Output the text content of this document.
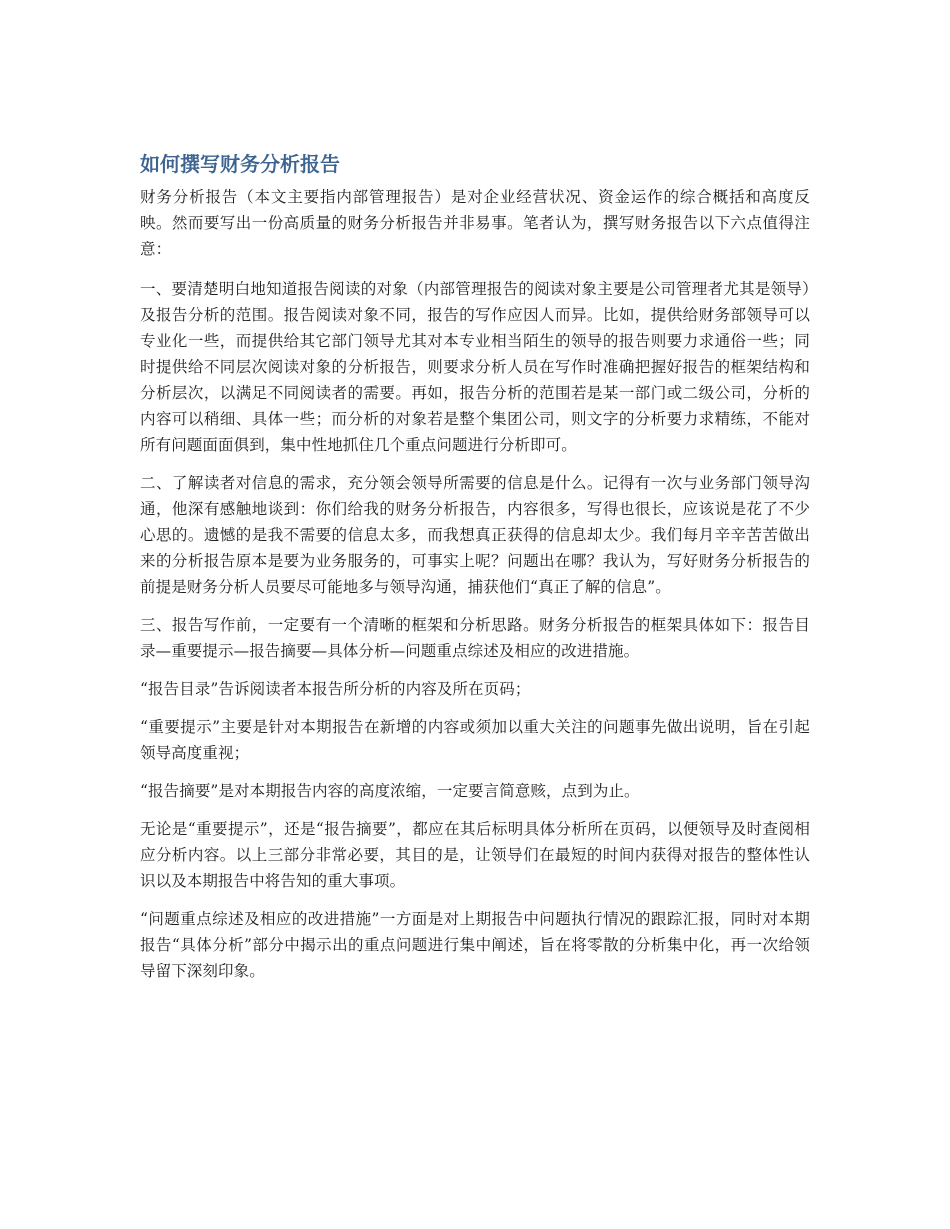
如何撰写财务分析报告

财务分析报告（本文主要指内部管理报告）是对企业经营状况、资金运作的综合概括和高度反映。然而要写出一份高质量的财务分析报告并非易事。笔者认为，撰写财务报告以下六点值得注意：

一、要清楚明白地知道报告阅读的对象（内部管理报告的阅读对象主要是公司管理者尤其是领导）及报告分析的范围。报告阅读对象不同，报告的写作应因人而异。比如，提供给财务部领导可以专业化一些，而提供给其它部门领导尤其对本专业相当陌生的领导的报告则要力求通俗一些；同时提供给不同层次阅读对象的分析报告，则要求分析人员在写作时准确把握好报告的框架结构和分析层次，以满足不同阅读者的需要。再如，报告分析的范围若是某一部门或二级公司，分析的内容可以稍细、具体一些；而分析的对象若是整个集团公司，则文字的分析要力求精练，不能对所有问题面面俱到，集中性地抓住几个重点问题进行分析即可。

二、了解读者对信息的需求，充分领会领导所需要的信息是什么。记得有一次与业务部门领导沟通，他深有感触地谈到：你们给我的财务分析报告，内容很多，写得也很长，应该说是花了不少心思的。遗憾的是我不需要的信息太多，而我想真正获得的信息却太少。我们每月辛辛苦苦做出来的分析报告原本是要为业务服务的，可事实上呢？问题出在哪？我认为，写好财务分析报告的前提是财务分析人员要尽可能地多与领导沟通，捕获他们“真正了解的信息”。

三、报告写作前，一定要有一个清晰的框架和分析思路。财务分析报告的框架具体如下：报告目录—重要提示—报告摘要—具体分析—问题重点综述及相应的改进措施。

“报告目录”告诉阅读者本报告所分析的内容及所在页码；

“重要提示”主要是针对本期报告在新增的内容或须加以重大关注的问题事先做出说明，旨在引起领导高度重视；

“报告摘要”是对本期报告内容的高度浓缩，一定要言简意赅，点到为止。

无论是“重要提示”，还是“报告摘要”，都应在其后标明具体分析所在页码，以便领导及时查阅相应分析内容。以上三部分非常必要，其目的是，让领导们在最短的时间内获得对报告的整体性认识以及本期报告中将告知的重大事项。

“问题重点综述及相应的改进措施”一方面是对上期报告中问题执行情况的跟踪汇报，同时对本期报告“具体分析”部分中揭示出的重点问题进行集中阐述，旨在将零散的分析集中化，再一次给领导留下深刻印象。
